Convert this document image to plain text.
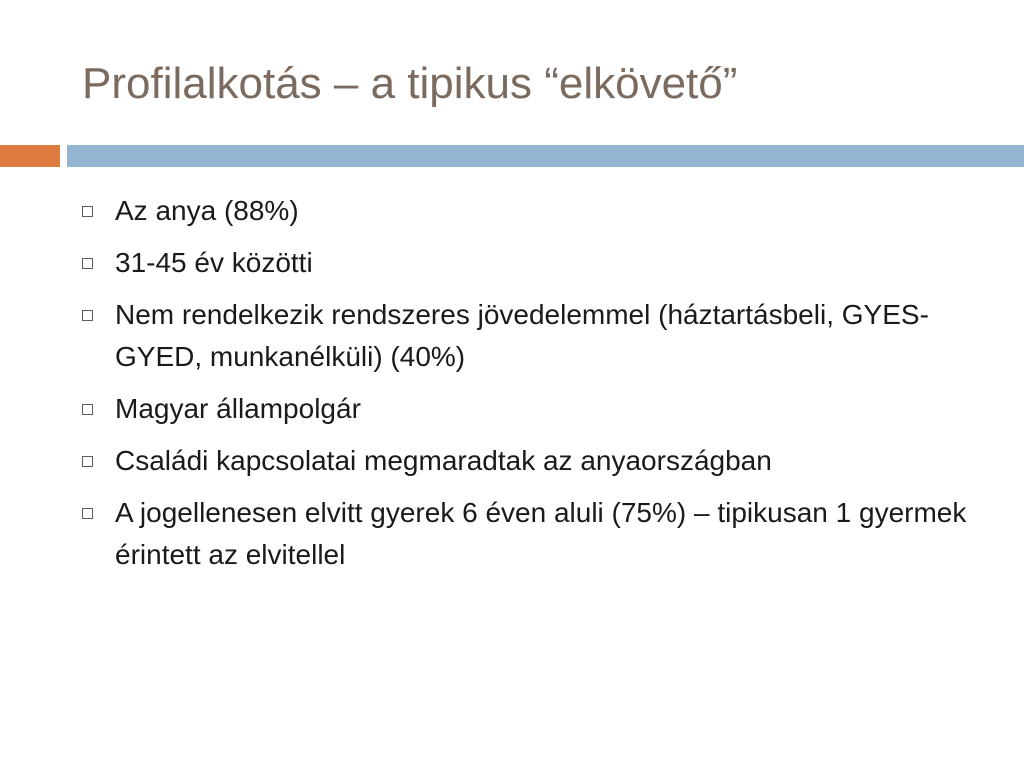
Profilalkotás – a tipikus “elkövető”
Az anya (88%)
31-45 év közötti
Nem rendelkezik rendszeres jövedelemmel (háztartásbeli, GYES-GYED, munkanélküli) (40%)
Magyar állampolgár
Családi kapcsolatai megmaradtak az anyaországban
A jogellenesen elvitt gyerek 6 éven aluli (75%) – tipikusan 1 gyermek érintett az elvitellel
